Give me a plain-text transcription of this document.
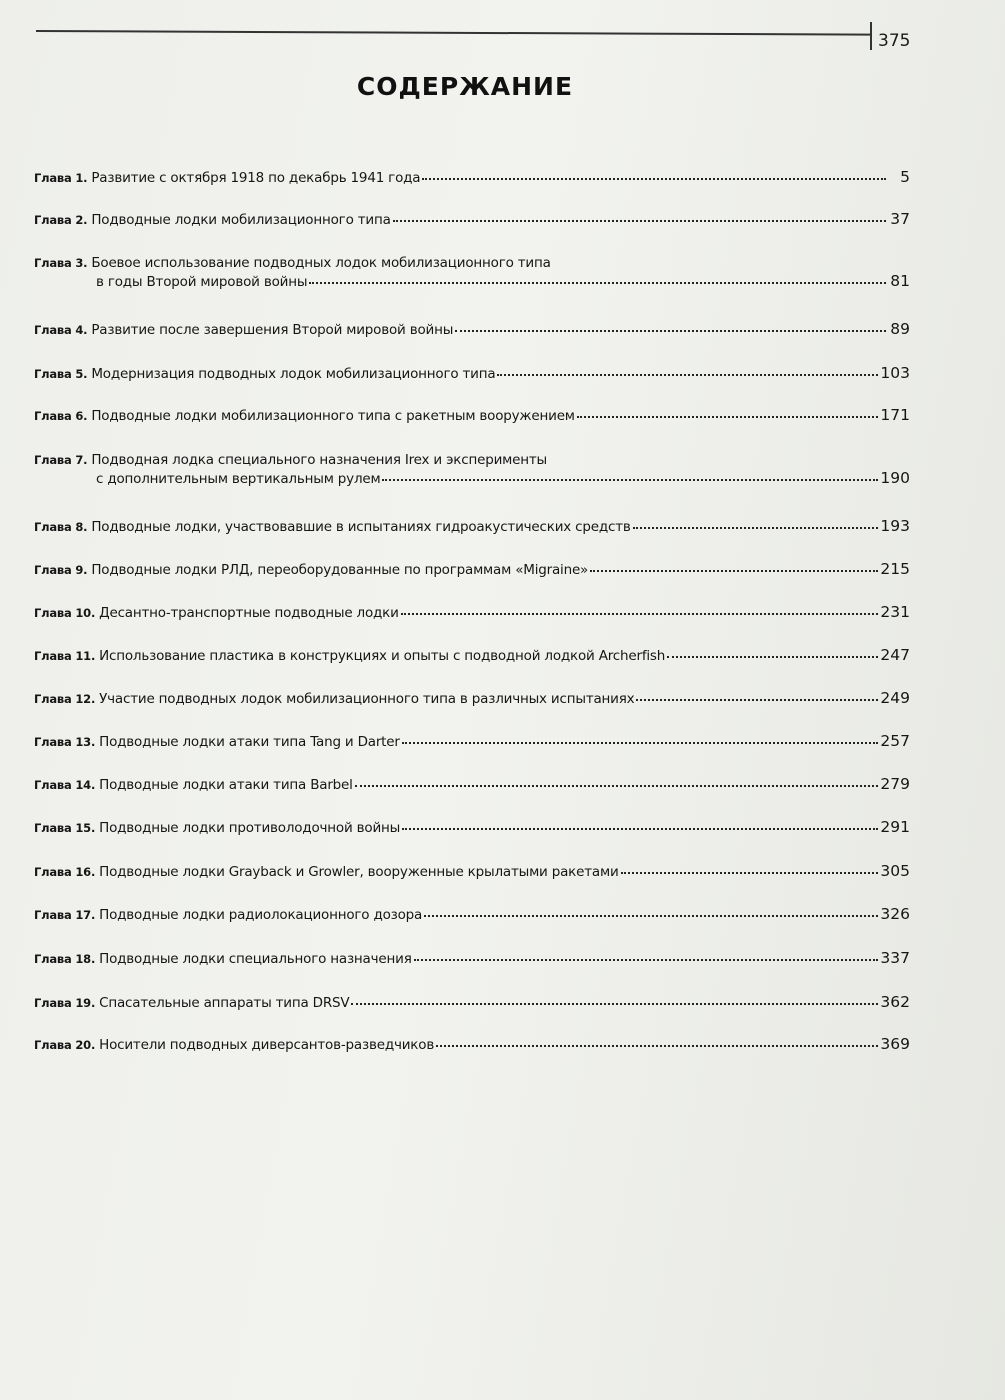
375
СОДЕРЖАНИЕ
Глава 1. Развитие с октября 1918 по декабрь 1941 года	5
Глава 2. Подводные лодки мобилизационного типа	37
Глава 3. Боевое использование подводных лодок мобилизационного типа
в годы Второй мировой войны	81
Глава 4. Развитие после завершения Второй мировой войны	89
Глава 5. Модернизация подводных лодок мобилизационного типа	103
Глава 6. Подводные лодки мобилизационного типа с ракетным вооружением	171
Глава 7. Подводная лодка специального назначения Irex и эксперименты
с дополнительным вертикальным рулем	190
Глава 8. Подводные лодки, участвовавшие в испытаниях гидроакустических средств	193
Глава 9. Подводные лодки РЛД, переоборудованные по программам «Migraine»	215
Глава 10. Десантно-транспортные подводные лодки	231
Глава 11. Использование пластика в конструкциях и опыты с подводной лодкой Archerfish	247
Глава 12. Участие подводных лодок мобилизационного типа в различных испытаниях	249
Глава 13. Подводные лодки атаки типа Tang и Darter	257
Глава 14. Подводные лодки атаки типа Barbel	279
Глава 15. Подводные лодки противолодочной войны	291
Глава 16. Подводные лодки Grayback и Growler, вооруженные крылатыми ракетами	305
Глава 17. Подводные лодки радиолокационного дозора	326
Глава 18. Подводные лодки специального назначения	337
Глава 19. Спасательные аппараты типа DRSV	362
Глава 20. Носители подводных диверсантов-разведчиков	369
